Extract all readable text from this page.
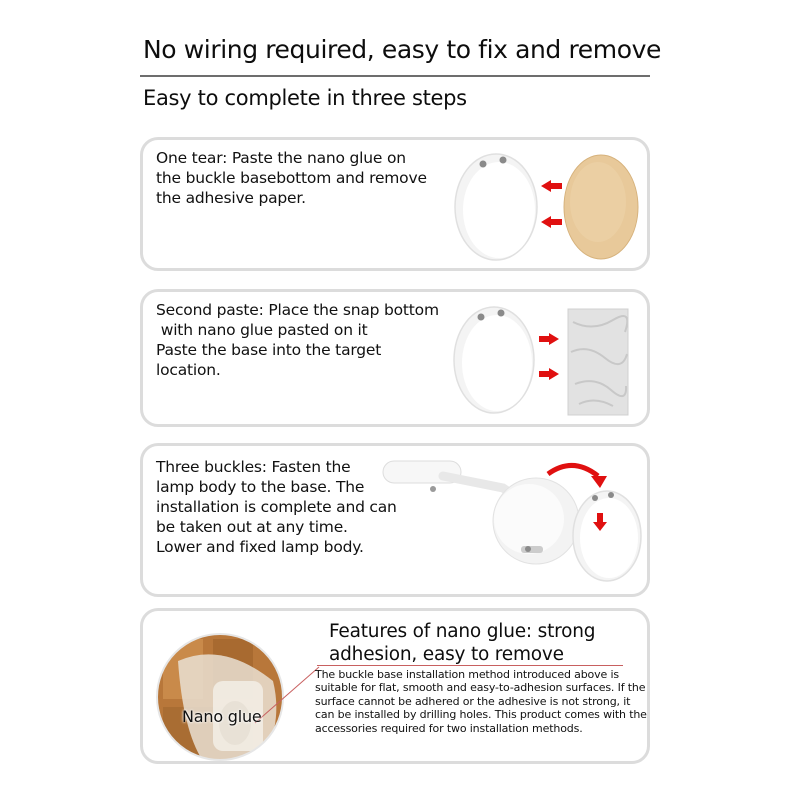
No wiring required, easy to fix and remove
Easy to complete in three steps
One tear: Paste the nano glue on
the buckle basebottom and remove
the adhesive paper.
Second paste: Place the snap bottom
with nano glue pasted on it
Paste the base into the target
location.
Three buckles: Fasten the
lamp body to the base. The
installation is complete and can
be taken out at any time.
Lower and fixed lamp body.
Nano glue
Features of nano glue: strong
adhesion, easy to remove
The buckle base installation method introduced above is suitable for flat, smooth and easy-to-adhesion surfaces. If the surface cannot be adhered or the adhesive is not strong, it can be installed by drilling holes. This product comes with the accessories required for two installation methods.
